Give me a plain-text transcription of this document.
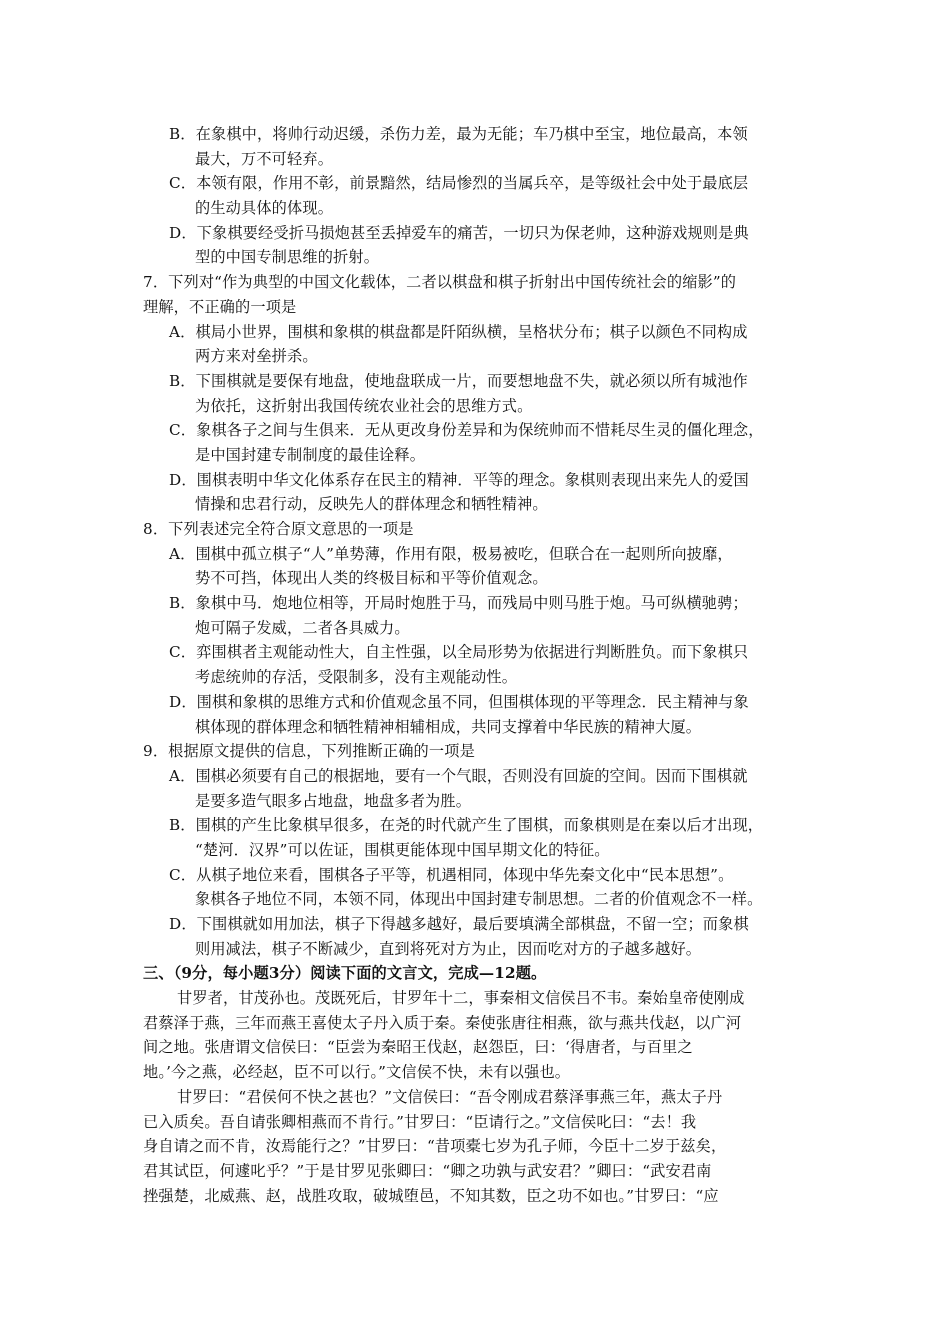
B．在象棋中，将帅行动迟缓，杀伤力差，最为无能；车乃棋中至宝，地位最高，本领
最大，万不可轻弃。
C．本领有限，作用不彰，前景黯然，结局惨烈的当属兵卒，是等级社会中处于最底层
的生动具体的体现。
D．下象棋要经受折马损炮甚至丢掉爱车的痛苦，一切只为保老帅，这种游戏规则是典
型的中国专制思维的折射。
7．下列对“作为典型的中国文化载体，二者以棋盘和棋子折射出中国传统社会的缩影”的
理解，不正确的一项是
A．棋局小世界，围棋和象棋的棋盘都是阡陌纵横，呈格状分布；棋子以颜色不同构成
两方来对垒拼杀。
B．下围棋就是要保有地盘，使地盘联成一片，而要想地盘不失，就必须以所有城池作
为依托，这折射出我国传统农业社会的思维方式。
C．象棋各子之间与生俱来．无从更改身份差异和为保统帅而不惜耗尽生灵的僵化理念，
是中国封建专制制度的最佳诠释。
D．围棋表明中华文化体系存在民主的精神．平等的理念。象棋则表现出来先人的爱国
情操和忠君行动，反映先人的群体理念和牺牲精神。
8．下列表述完全符合原文意思的一项是
A．围棋中孤立棋子“人”单势薄，作用有限，极易被吃，但联合在一起则所向披靡，
势不可挡，体现出人类的终极目标和平等价值观念。
B．象棋中马．炮地位相等，开局时炮胜于马，而残局中则马胜于炮。马可纵横驰骋；
炮可隔子发威，二者各具威力。
C．弈围棋者主观能动性大，自主性强，以全局形势为依据进行判断胜负。而下象棋只
考虑统帅的存活，受限制多，没有主观能动性。
D．围棋和象棋的思维方式和价值观念虽不同，但围棋体现的平等理念．民主精神与象
棋体现的群体理念和牺牲精神相辅相成，共同支撑着中华民族的精神大厦。
9．根据原文提供的信息，下列推断正确的一项是
A．围棋必须要有自己的根据地，要有一个气眼，否则没有回旋的空间。因而下围棋就
是要多造气眼多占地盘，地盘多者为胜。
B．围棋的产生比象棋早很多，在尧的时代就产生了围棋，而象棋则是在秦以后才出现，
“楚河．汉界”可以佐证，围棋更能体现中国早期文化的特征。
C．从棋子地位来看，围棋各子平等，机遇相同，体现中华先秦文化中“民本思想”。
象棋各子地位不同，本领不同，体现出中国封建专制思想。二者的价值观念不一样。
D．下围棋就如用加法，棋子下得越多越好，最后要填满全部棋盘，不留一空；而象棋
则用减法，棋子不断减少，直到将死对方为止，因而吃对方的子越多越好。
三、（9分，每小题3分）阅读下面的文言文，完成—12题。
甘罗者，甘茂孙也。茂既死后，甘罗年十二，事秦相文信侯吕不韦。秦始皇帝使刚成
君蔡泽于燕，三年而燕王喜使太子丹入质于秦。秦使张唐往相燕，欲与燕共伐赵，以广河
间之地。张唐谓文信侯曰：“臣尝为秦昭王伐赵，赵怨臣，曰：‘得唐者，与百里之
地。’今之燕，必经赵，臣不可以行。”文信侯不快，未有以强也。
甘罗曰：“君侯何不快之甚也？”文信侯曰：“吾令刚成君蔡泽事燕三年，燕太子丹
已入质矣。吾自请张卿相燕而不肯行。”甘罗曰：“臣请行之。”文信侯叱曰：“去！我
身自请之而不肯，汝焉能行之？”甘罗曰：“昔项橐七岁为孔子师，今臣十二岁于兹矣，
君其试臣，何遽叱乎？”于是甘罗见张卿曰：“卿之功孰与武安君？”卿曰：“武安君南
挫强楚，北威燕、赵，战胜攻取，破城堕邑，不知其数，臣之功不如也。”甘罗曰：“应
